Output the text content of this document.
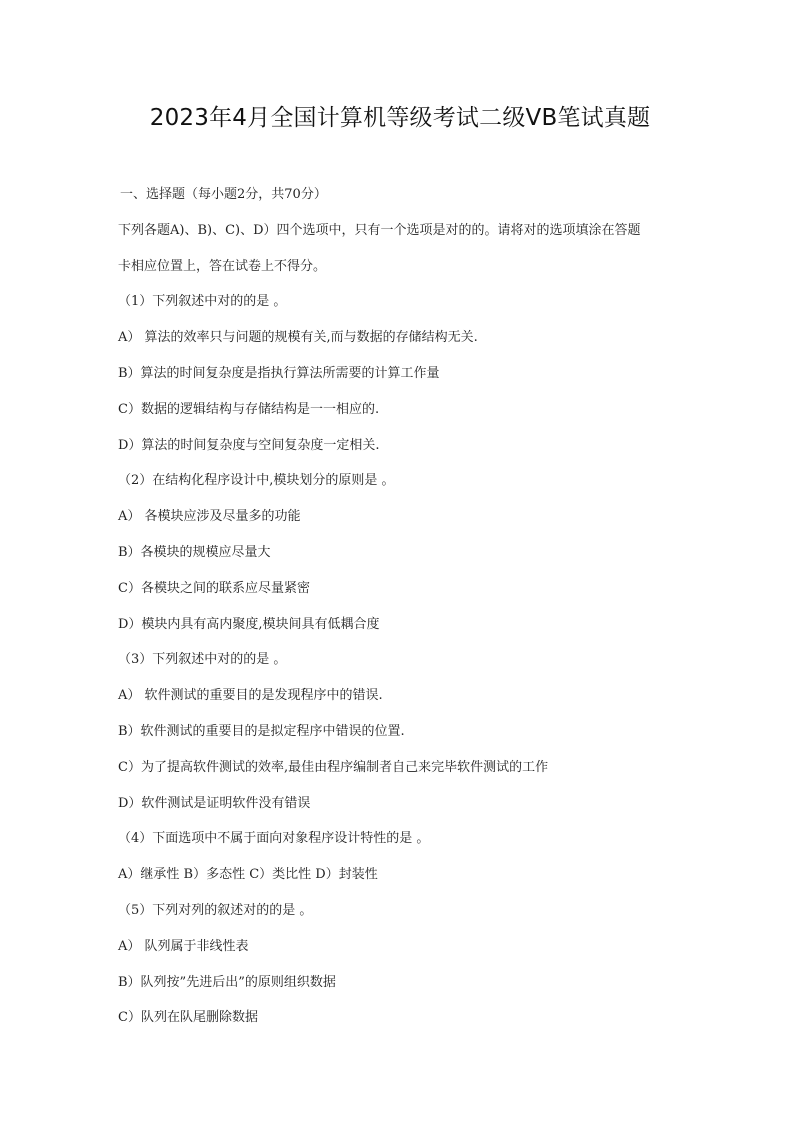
2023年4月全国计算机等级考试二级VB笔试真题
一、选择题（每小题2分，共70分）
下列各题A)、B)、C)、D）四个选项中，只有一个选项是对的的。请将对的选项填涂在答题
卡相应位置上，答在试卷上不得分。
（1）下列叙述中对的的是 。
A） 算法的效率只与问题的规模有关,而与数据的存储结构无关.
B）算法的时间复杂度是指执行算法所需要的计算工作量
C）数据的逻辑结构与存储结构是一一相应的.
D）算法的时间复杂度与空间复杂度一定相关.
（2）在结构化程序设计中,模块划分的原则是 。
A） 各模块应涉及尽量多的功能
B）各模块的规模应尽量大
C）各模块之间的联系应尽量紧密
D）模块内具有高内聚度,模块间具有低耦合度
（3）下列叙述中对的的是 。
A） 软件测试的重要目的是发现程序中的错误.
B）软件测试的重要目的是拟定程序中错误的位置.
C）为了提高软件测试的效率,最佳由程序编制者自己来完毕软件测试的工作
D）软件测试是证明软件没有错误
（4）下面选项中不属于面向对象程序设计特性的是 。
A）继承性 B）多态性 C）类比性 D）封装性
（5）下列对列的叙述对的的是 。
A） 队列属于非线性表
B）队列按”先进后出”的原则组织数据
C）队列在队尾删除数据
